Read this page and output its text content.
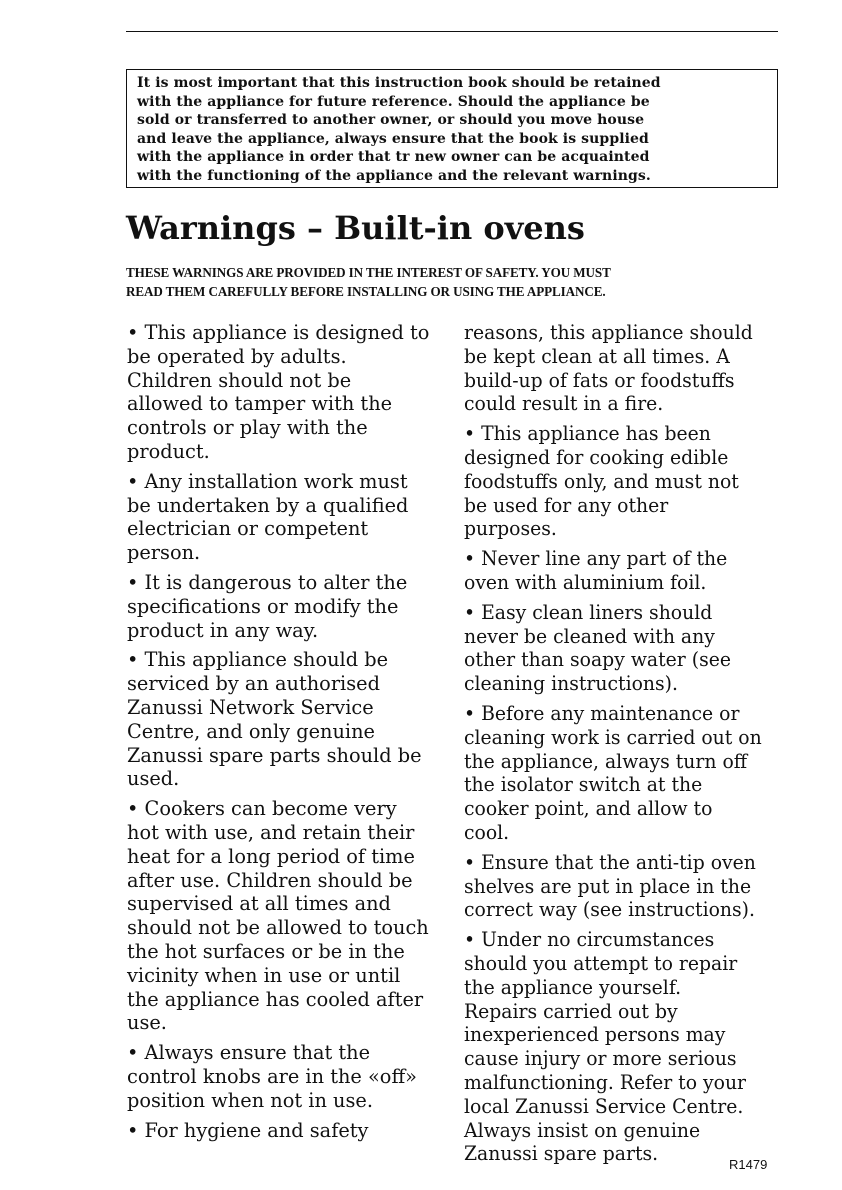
It is most important that this instruction book should be retained
with the appliance for future reference. Should the appliance be
sold or transferred to another owner, or should you move house
and leave the appliance, always ensure that the book is supplied
with the appliance in order that tr new owner can be acquainted
with the functioning of the appliance and the relevant warnings.
Warnings – Built-in ovens
THESE WARNINGS ARE PROVIDED IN THE INTEREST OF SAFETY. YOU MUST
READ THEM CAREFULLY BEFORE INSTALLING OR USING THE APPLIANCE.
• This appliance is designed to
be operated by adults.
Children should not be
allowed to tamper with the
controls or play with the
product.
• Any installation work must
be undertaken by a qualified
electrician or competent
person.
• It is dangerous to alter the
specifications or modify the
product in any way.
• This appliance should be
serviced by an authorised
Zanussi Network Service
Centre, and only genuine
Zanussi spare parts should be
used.
• Cookers can become very
hot with use, and retain their
heat for a long period of time
after use. Children should be
supervised at all times and
should not be allowed to touch
the hot surfaces or be in the
vicinity when in use or until
the appliance has cooled after
use.
• Always ensure that the
control knobs are in the «off»
position when not in use.
• For hygiene and safety
reasons, this appliance should
be kept clean at all times. A
build-up of fats or foodstuffs
could result in a fire.
• This appliance has been
designed for cooking edible
foodstuffs only, and must not
be used for any other
purposes.
• Never line any part of the
oven with aluminium foil.
• Easy clean liners should
never be cleaned with any
other than soapy water (see
cleaning instructions).
• Before any maintenance or
cleaning work is carried out on
the appliance, always turn off
the isolator switch at the
cooker point, and allow to
cool.
• Ensure that the anti-tip oven
shelves are put in place in the
correct way (see instructions).
• Under no circumstances
should you attempt to repair
the appliance yourself.
Repairs carried out by
inexperienced persons may
cause injury or more serious
malfunctioning. Refer to your
local Zanussi Service Centre.
Always insist on genuine
Zanussi spare parts.	R1479
